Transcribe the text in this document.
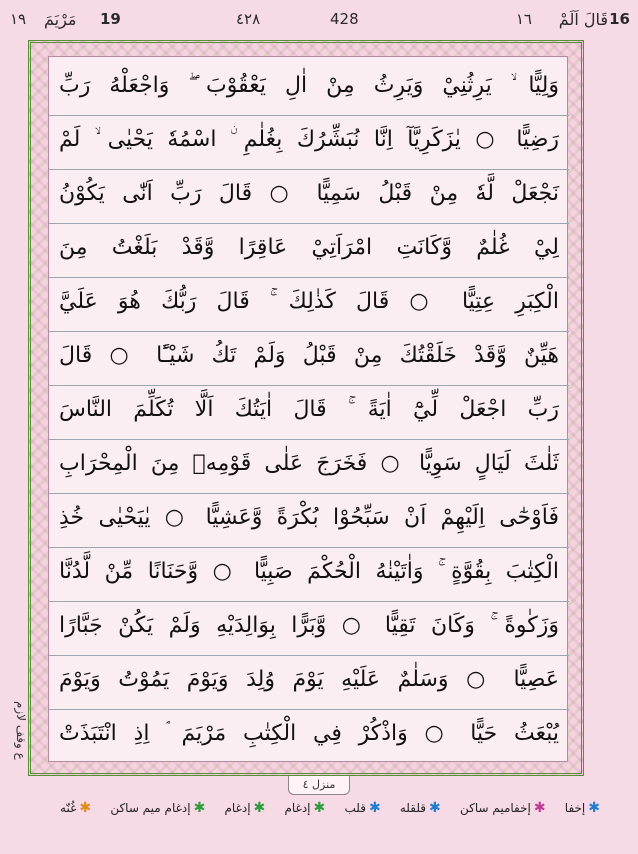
16
قَالَ اَلَمْ
١٦
428
٤٢٨
19
مَرْيَمَ
١٩
وَلِيًّا ۙ يَرِثُنِيْ وَيَرِثُ مِنْ اٰلِ يَعْقُوْبَ ۖ وَاجْعَلْهُ رَبِّ
رَضِيًّا ○ يٰزَكَرِيَّآ اِنَّا نُبَشِّرُكَ بِغُلٰمِ ۨ اسْمُهٗ يَحْيٰى ۙ لَمْ
نَجْعَلْ لَّهٗ مِنْ قَبْلُ سَمِيًّا ○ قَالَ رَبِّ اَنّٰى يَكُوْنُ
لِيْ غُلٰمٌ وَّكَانَتِ امْرَاَتِيْ عَاقِرًا وَّقَدْ بَلَغْتُ مِنَ
الْكِبَرِ عِتِيًّا ○ قَالَ كَذٰلِكَ ۚ قَالَ رَبُّكَ هُوَ عَلَيَّ
هَيِّنٌ وَّقَدْ خَلَقْتُكَ مِنْ قَبْلُ وَلَمْ تَكُ شَيْـًٔا ○ قَالَ
رَبِّ اجْعَلْ لِّيْٓ اٰيَةً ۚ قَالَ اٰيَتُكَ اَلَّا تُكَلِّمَ النَّاسَ
ثَلٰثَ لَيَالٍ سَوِيًّا ○ فَخَرَجَ عَلٰى قَوْمِهٖ مِنَ الْمِحْرَابِ
فَاَوْحٰٓى اِلَيْهِمْ اَنْ سَبِّحُوْا بُكْرَةً وَّعَشِيًّا ○ يٰيَحْيٰى خُذِ
الْكِتٰبَ بِقُوَّةٍ ۚ وَاٰتَيْنٰهُ الْحُكْمَ صَبِيًّا ○ وَّحَنَانًا مِّنْ لَّدُنَّا
وَزَكٰوةً ۚ وَكَانَ تَقِيًّا ○ وَّبَرًّا بِوَالِدَيْهِ وَلَمْ يَكُنْ جَبَّارًا
عَصِيًّا ○ وَسَلٰمٌ عَلَيْهِ يَوْمَ وُلِدَ وَيَوْمَ يَمُوْتُ وَيَوْمَ
يُبْعَثُ حَيًّا ○ وَاذْكُرْ فِي الْكِتٰبِ مَرْيَمَ ۘ اِذِ انْتَبَذَتْ
ع وقف لازم
منزل ٤
✱
إخفا
✱
إخفاميم ساكن
✱
قلقله
✱
قلب
✱
إدغام
✱
إدغام
✱
إدغام ميم ساكن
✱
غُنّه
